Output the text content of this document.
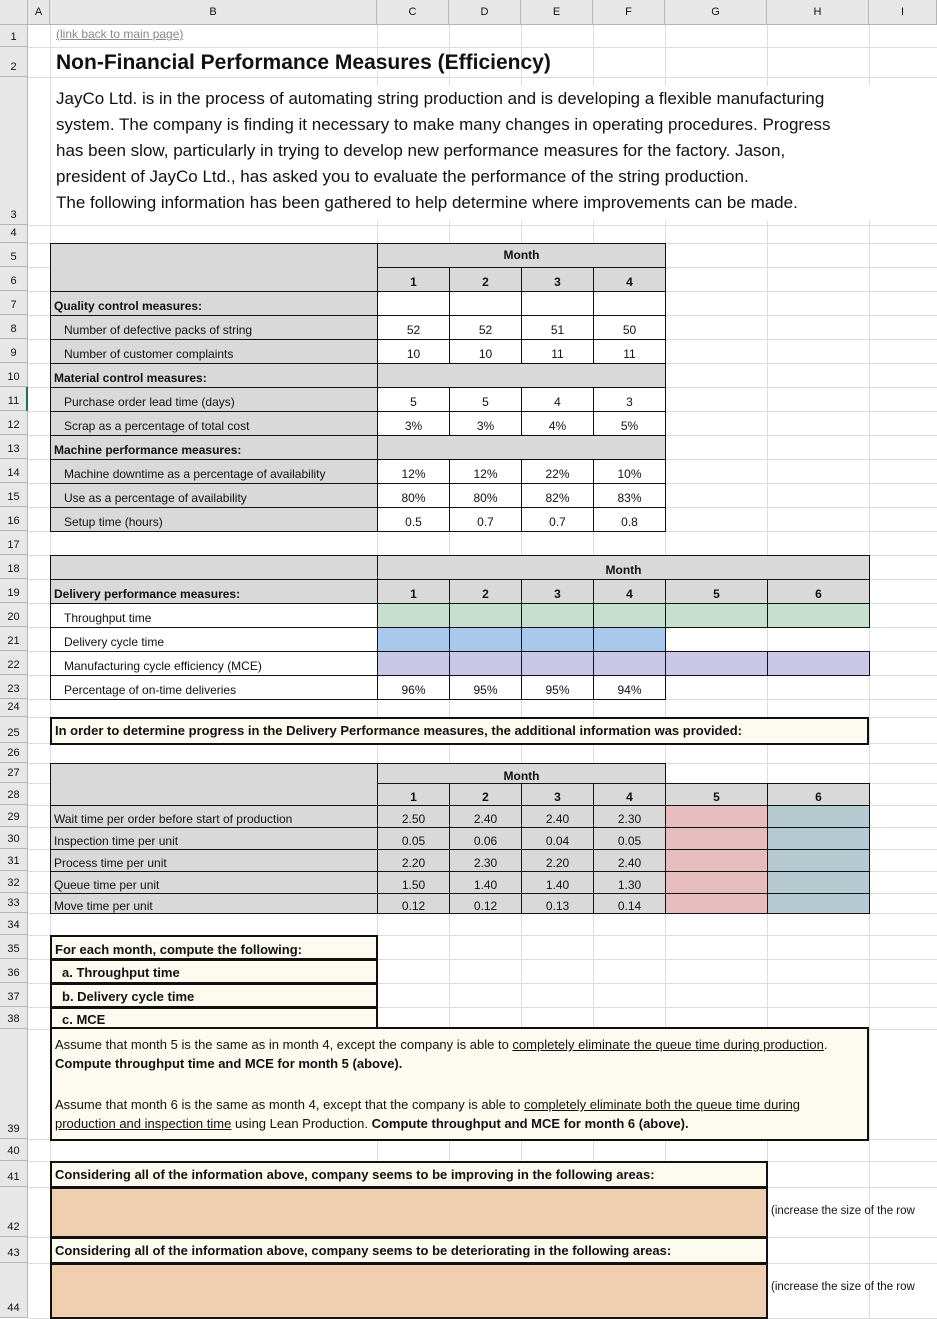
A	B	C	D	E	F	G	H	I
1
2
3
4
5
6
7
8
9
10
11
12
13
14
15
16
17
18
19
20
21
22
23
24
25
26
27
28
29
30
31
32
33
34
35
36
37
38
39
40
41
42
43
44
(link back to main page)
Non-Financial Performance Measures (Efficiency)
JayCo Ltd. is in the process of automating string production and is developing a flexible manufacturing
system. The company is finding it necessary to make many changes in operating procedures. Progress
has been slow, particularly in trying to develop new performance measures for the factory. Jason,
president of JayCo Ltd., has asked you to evaluate the performance of the string production.
The following information has been gathered to help determine where improvements can be made.
Month
1	2	3	4
Quality control measures:
Number of defective packs of string	52	52	51	50
Number of customer complaints	10	10	11	11
Material control measures:
Purchase order lead time (days)	5	5	4	3
Scrap as a percentage of total cost	3%	3%	4%	5%
Machine performance measures:
Machine downtime as a percentage of availability	12%	12%	22%	10%
Use as a percentage of availability	80%	80%	82%	83%
Setup time (hours)	0.5	0.7	0.7	0.8
Month
Delivery performance measures:	1	2	3	4	5	6
Throughput time
Delivery cycle time
Manufacturing cycle efficiency (MCE)
Percentage of on-time deliveries	96%	95%	95%	94%
In order to determine progress in the Delivery Performance measures, the additional information was provided:
Month
1	2	3	4	5	6
Wait time per order before start of production	2.50	2.40	2.40	2.30
Inspection time per unit	0.05	0.06	0.04	0.05
Process time per unit	2.20	2.30	2.20	2.40
Queue time per unit	1.50	1.40	1.40	1.30
Move time per unit	0.12	0.12	0.13	0.14
For each month, compute the following:
a. Throughput time
b. Delivery cycle time
c. MCE
Assume that month 5 is the same as in month 4, except the company is able to completely eliminate the queue time during production. Compute throughput time and MCE for month 5 (above).
Assume that month 6 is the same as month 4, except that the company is able to completely eliminate both the queue time during production and inspection time using Lean Production. Compute throughput and MCE for month 6 (above).
Considering all of the information above, company seems to be improving in the following areas:
(increase the size of the row
Considering all of the information above, company seems to be deteriorating in the following areas:
(increase the size of the row
